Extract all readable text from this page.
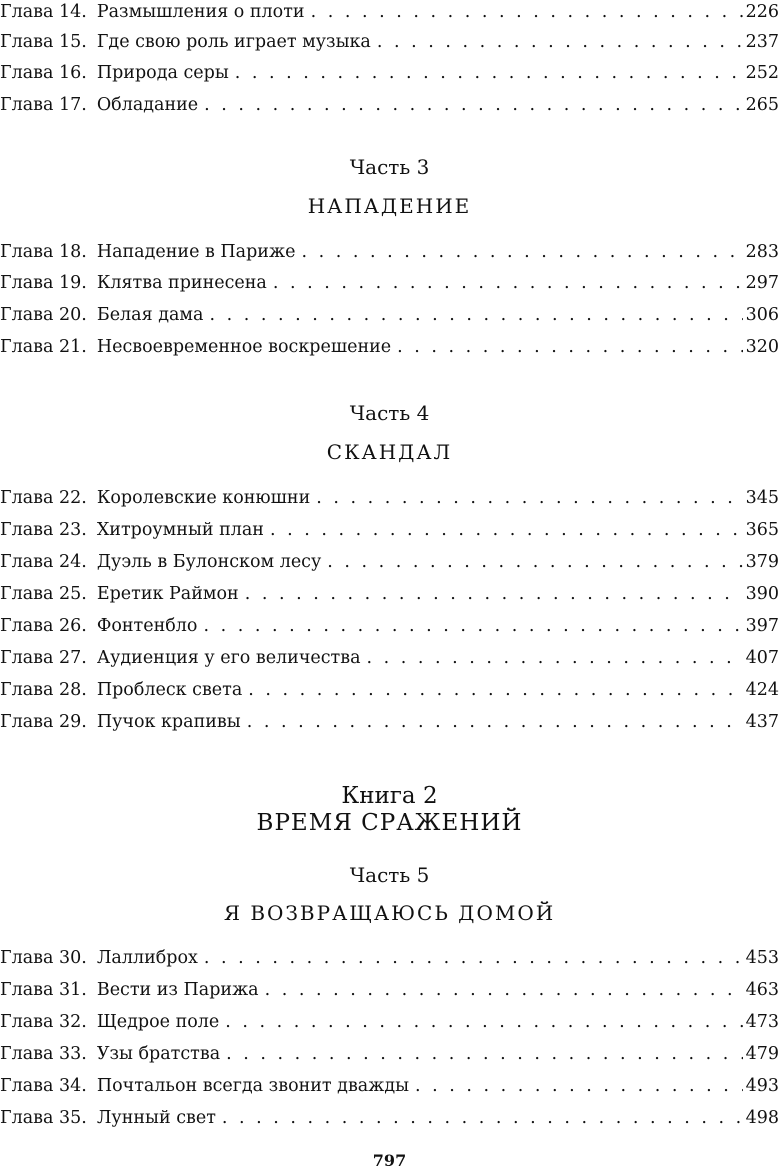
Глава 14. Размышления о плоти . . .	226
Глава 15. Где свою роль играет музыка . . .	237
Глава 16. Природа серы . . .	252
Глава 17. Обладание . . .	265
Часть 3
НАПАДЕНИЕ
Глава 18. Нападение в Париже . . .	283
Глава 19. Клятва принесена . . .	297
Глава 20. Белая дама . . .	306
Глава 21. Несвоевременное воскрешение . . .	320
Часть 4
СКАНДАЛ
Глава 22. Королевские конюшни . . .	345
Глава 23. Хитроумный план . . .	365
Глава 24. Дуэль в Булонском лесу . . .	379
Глава 25. Еретик Раймон . . .	390
Глава 26. Фонтенбло . . .	397
Глава 27. Аудиенция у его величества . . .	407
Глава 28. Проблеск света . . .	424
Глава 29. Пучок крапивы . . .	437
Книга 2
ВРЕМЯ СРАЖЕНИЙ
Часть 5
Я ВОЗВРАЩАЮСЬ ДОМОЙ
Глава 30. Лаллиброх . . .	453
Глава 31. Вести из Парижа . . .	463
Глава 32. Щедрое поле . . .	473
Глава 33. Узы братства . . .	479
Глава 34. Почтальон всегда звонит дважды . . .	493
Глава 35. Лунный свет . . .	498
797
